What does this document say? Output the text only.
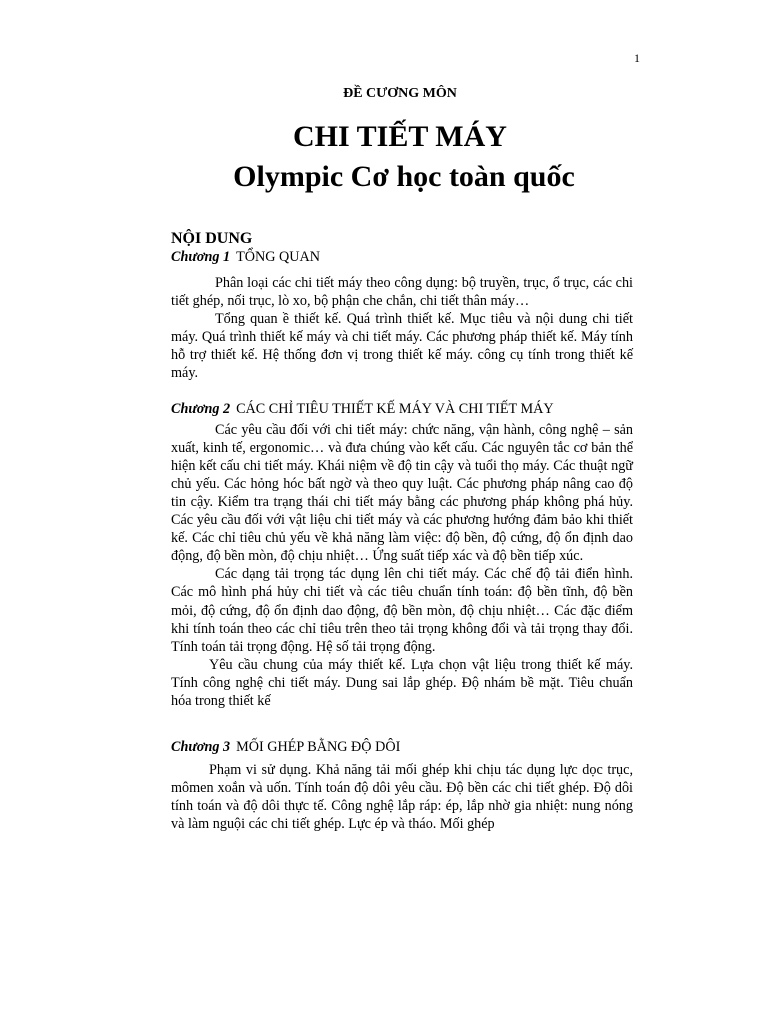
1
ĐỀ CƯƠNG MÔN
CHI TIẾT MÁY
Olympic Cơ học toàn quốc

NỘI DUNG

Chương 1 TỔNG QUAN

Phân loại các chi tiết máy theo công dụng: bộ truyền, trục, ổ trục, các chi tiết ghép, nối trục, lò xo, bộ phận che chắn, chi tiết thân máy…

Tổng quan ề thiết kế. Quá trình thiết kế. Mục tiêu và nội dung chi tiết máy. Quá trình thiết kế máy và chi tiết máy. Các phương pháp thiết kế. Máy tính hỗ trợ thiết kế. Hệ thống đơn vị trong thiết kế máy. công cụ tính trong thiết kế máy.

Chương 2 CÁC CHỈ TIÊU THIẾT KẾ MÁY VÀ CHI TIẾT MÁY

Các yêu cầu đối với chi tiết máy: chức năng, vận hành, công nghệ – sản xuất, kinh tế, ergonomic… và đưa chúng vào kết cấu. Các nguyên tắc cơ bản thể hiện kết cấu chi tiết máy. Khái niệm về độ tin cậy và tuổi thọ máy. Các thuật ngữ chủ yếu. Các hỏng hóc bất ngờ và theo quy luật. Các phương pháp nâng cao độ tin cậy. Kiểm tra trạng thái chi tiết máy bằng các phương pháp không phá hủy. Các yêu cầu đối với vật liệu chi tiết máy và các phương hướng đảm bảo khi thiết kế. Các chỉ tiêu chủ yếu về khả năng làm việc: độ bền, độ cứng, độ ổn định dao động, độ bền mòn, độ chịu nhiệt… Ứng suất tiếp xác và độ bền tiếp xúc.

Các dạng tải trọng tác dụng lên chi tiết máy. Các chế độ tải điển hình. Các mô hình phá hủy chi tiết và các tiêu chuẩn tính toán: độ bền tĩnh, độ bền mỏi, độ cứng, độ ổn định dao động, độ bền mòn, độ chịu nhiệt… Các đặc điểm khi tính toán theo các chỉ tiêu trên theo tải trọng không đổi và tải trọng thay đổi. Tính toán tải trọng động. Hệ số tải trọng động.

Yêu cầu chung của máy thiết kế. Lựa chọn vật liệu trong thiết kế máy. Tính công nghệ chi tiết máy. Dung sai lắp ghép. Độ nhám bề mặt. Tiêu chuẩn hóa trong thiết kế

Chương 3 MỐI GHÉP BẰNG ĐỘ DÔI

Phạm vi sử dụng. Khả năng tải mối ghép khi chịu tác dụng lực dọc trục, mômen xoắn và uốn. Tính toán độ dôi yêu cầu. Độ bền các chi tiết ghép. Độ dôi tính toán và độ dôi thực tế. Công nghệ lắp ráp: ép, lắp nhờ gia nhiệt: nung nóng và làm nguội các chi tiết ghép. Lực ép và tháo. Mối ghép
